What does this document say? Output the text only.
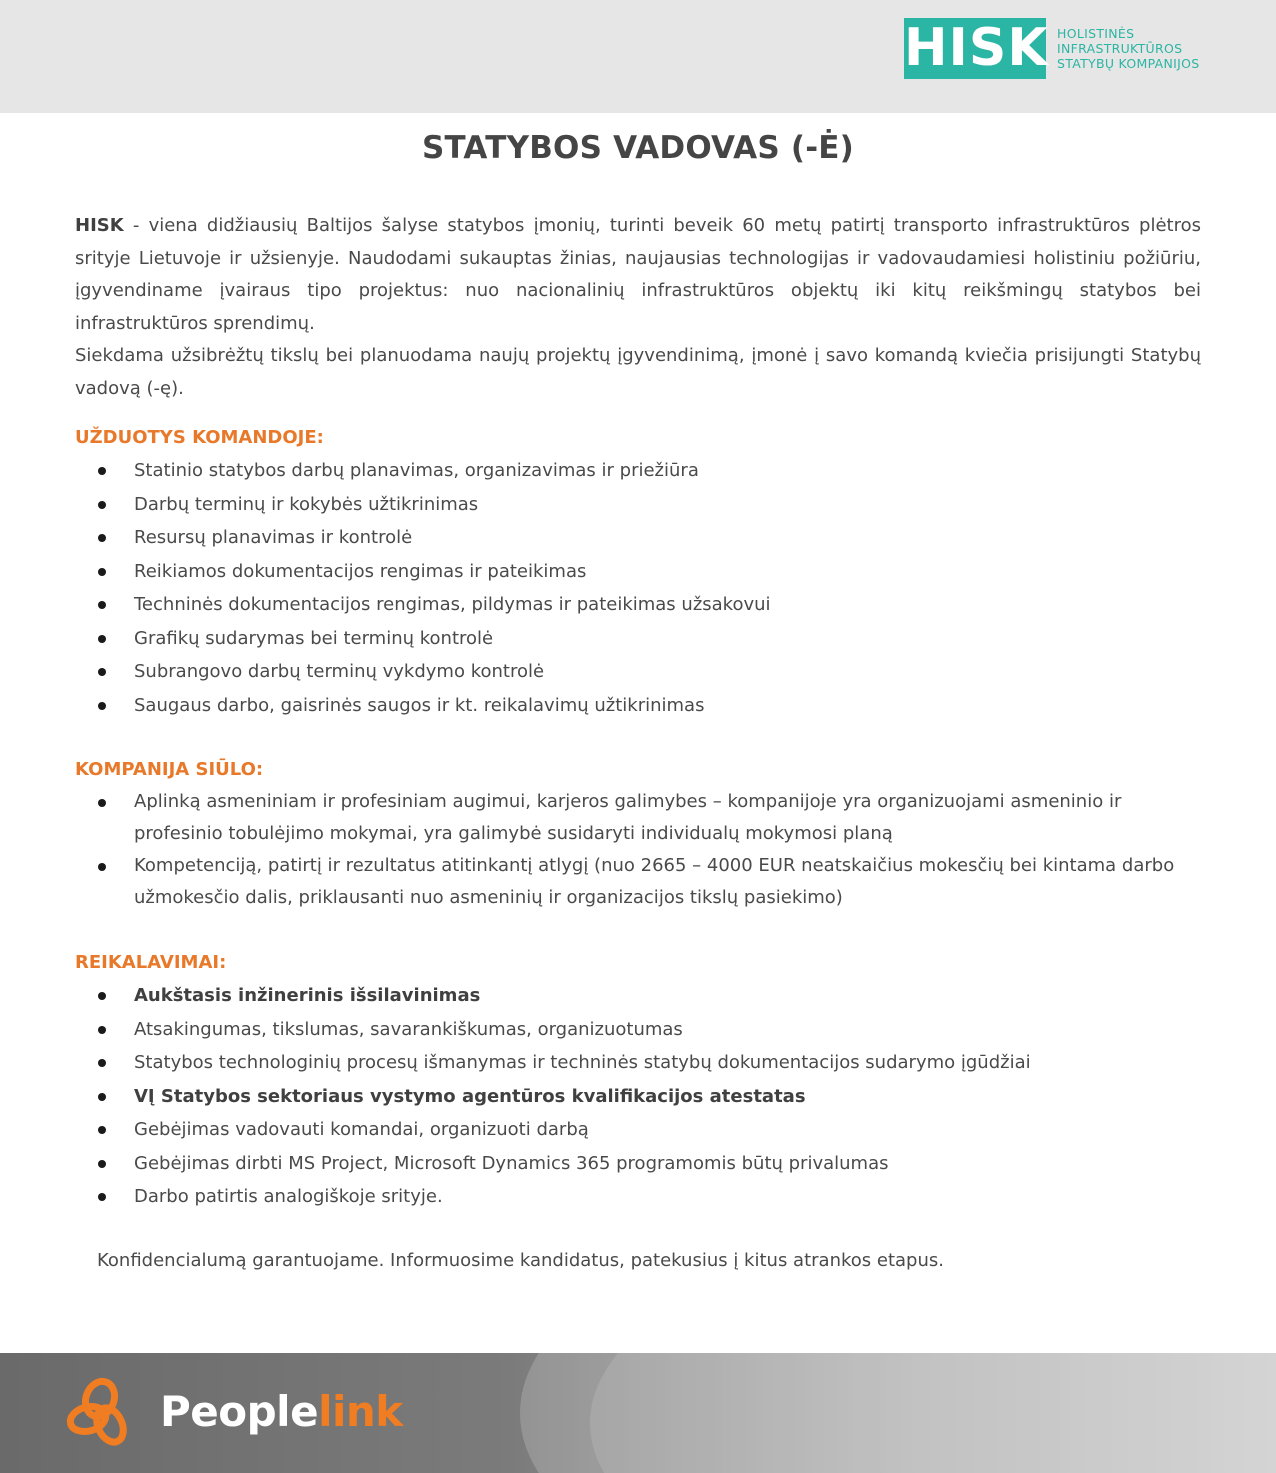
HISK HOLISTINĖS
INFRASTRUKTŪROS
STATYBŲ KOMPANIJOS
STATYBOS VADOVAS (-Ė)

HISK - viena didžiausių Baltijos šalyse statybos įmonių, turinti beveik 60 metų patirtį transporto infrastruktūros plėtros srityje Lietuvoje ir užsienyje. Naudodami sukauptas žinias, naujausias technologijas ir vadovaudamiesi holistiniu požiūriu, įgyvendiname įvairaus tipo projektus: nuo nacionalinių infrastruktūros objektų iki kitų reikšmingų statybos bei infrastruktūros sprendimų.

Siekdama užsibrėžtų tikslų bei planuodama naujų projektų įgyvendinimą, įmonė į savo komandą kviečia prisijungti Statybų vadovą (-ę).

UŽDUOTYS KOMANDOJE:

Statinio statybos darbų planavimas, organizavimas ir priežiūra
Darbų terminų ir kokybės užtikrinimas
Resursų planavimas ir kontrolė
Reikiamos dokumentacijos rengimas ir pateikimas
Techninės dokumentacijos rengimas, pildymas ir pateikimas užsakovui
Grafikų sudarymas bei terminų kontrolė
Subrangovo darbų terminų vykdymo kontrolė
Saugaus darbo, gaisrinės saugos ir kt. reikalavimų užtikrinimas

KOMPANIJA SIŪLO:

Aplinką asmeniniam ir profesiniam augimui, karjeros galimybes – kompanijoje yra organizuojami asmeninio ir profesinio tobulėjimo mokymai, yra galimybė susidaryti individualų mokymosi planą
Kompetenciją, patirtį ir rezultatus atitinkantį atlygį (nuo 2665 – 4000 EUR neatskaičius mokesčių bei kintama darbo užmokesčio dalis, priklausanti nuo asmeninių ir organizacijos tikslų pasiekimo)

REIKALAVIMAI:

Aukštasis inžinerinis išsilavinimas
Atsakingumas, tikslumas, savarankiškumas, organizuotumas
Statybos technologinių procesų išmanymas ir techninės statybų dokumentacijos sudarymo įgūdžiai
VĮ Statybos sektoriaus vystymo agentūros kvalifikacijos atestatas
Gebėjimas vadovauti komandai, organizuoti darbą
Gebėjimas dirbti MS Project, Microsoft Dynamics 365 programomis būtų privalumas
Darbo patirtis analogiškoje srityje.

Konfidencialumą garantuojame. Informuosime kandidatus, patekusius į kitus atrankos etapus.

Peoplelink
